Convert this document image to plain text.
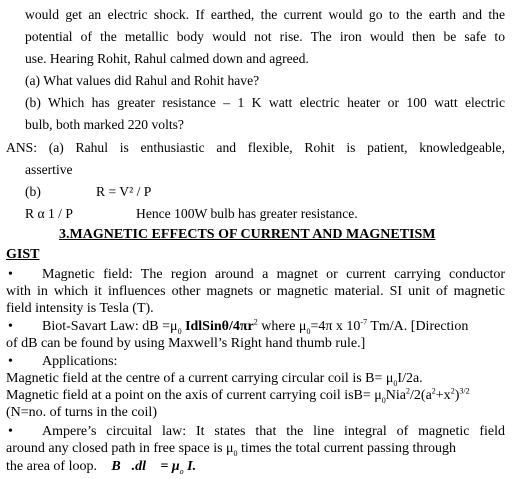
would get an electric shock. If earthed, the current would go to the earth and the
potential of the metallic body would not rise. The iron would then be safe to
use. Hearing Rohit, Rahul calmed down and agreed.
(a) What values did Rahul and Rohit have?
(b) Which has greater resistance – 1 K watt electric heater or 100 watt electric
bulb, both marked 220 volts?
ANS: (a) Rahul is enthusiastic and flexible, Rohit is patient, knowledgeable,
assertive
(b)	R = V² / P
R α 1 / P	Hence 100W bulb has greater resistance.
3.MAGNETIC EFFECTS OF CURRENT AND MAGNETISM
GIST
• Magnetic field: The region around a magnet or current carrying conductor
with in which it influences other magnets or magnetic material. SI unit of magnetic
field intensity is Tesla (T).
• Biot-Savart Law: dB $=\mu_0$ IdlSinθ/$4\pi r^2$ where $\mu_0=4\pi$ x $10^{-7}$ Tm/A. [Direction
of dB can be found by using Maxwell’s Right hand thumb rule.]
• Applications:
Magnetic field at the centre of a current carrying circular coil is $B= \mu_0I/2a$.
Magnetic field at a point on the axis of current carrying coil $isB= \mu_0Nia^2/2(a^2+x^2)^{3/2}$
(N=no. of turns in the coil)
• Ampere’s circuital law: It states that the line integral of magnetic field
around any closed path in free space is $\mu_0$ times the total current passing through
the area of loop.∮ B⃗.dl⃗ = $\mu_o$ I.
